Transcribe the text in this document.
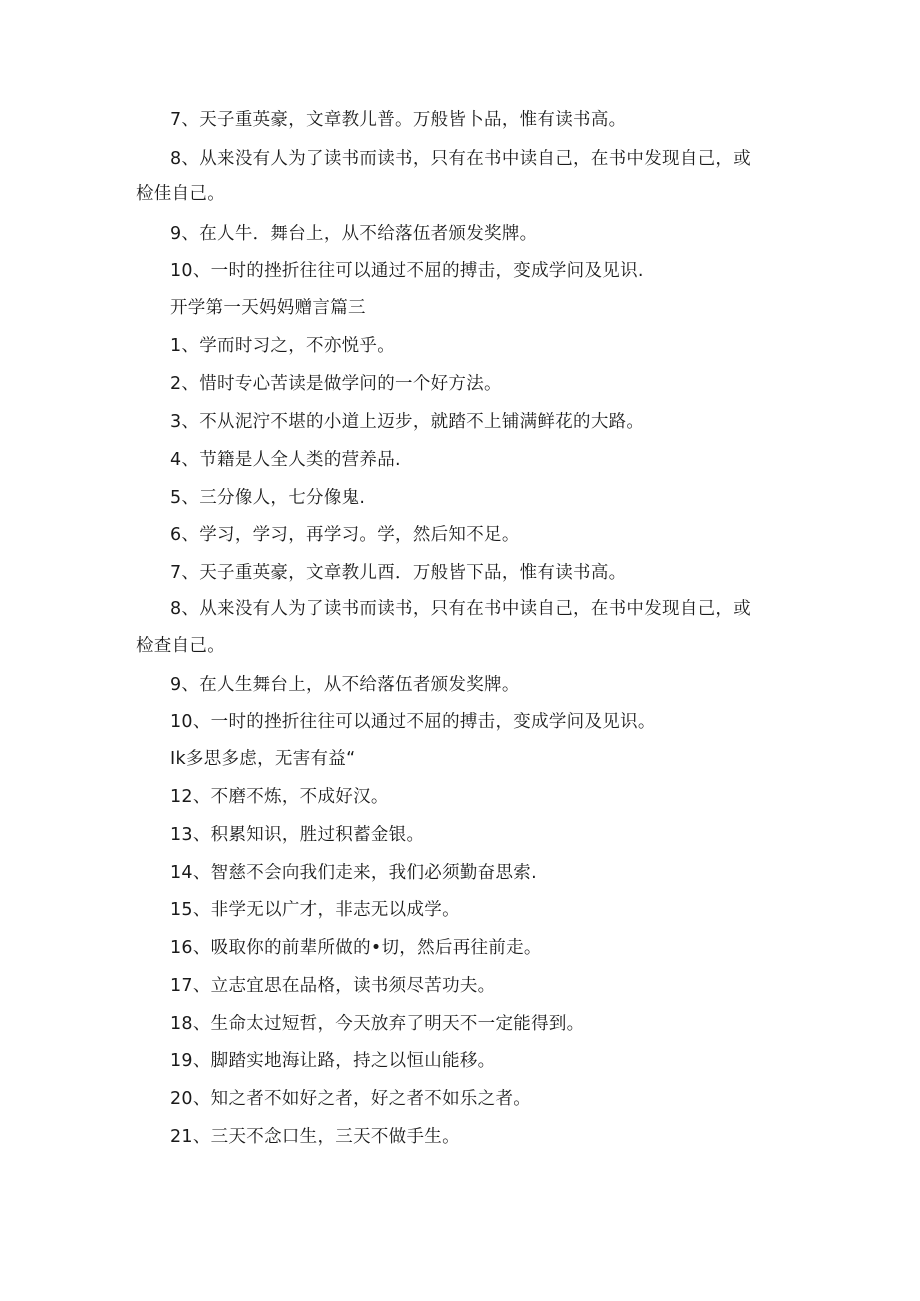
7、天子重英豪，文章教儿普。万般皆卜品，惟有读书高。
8、从来没有人为了读书而读书，只有在书中读自己，在书中发现自己，或
检佳自己。
9、在人牛．舞台上，从不给落伍者颁发奖牌。
10、一时的挫折往往可以通过不屈的搏击，变成学问及见识.
开学第一天妈妈赠言篇三
1、学而时习之，不亦悦乎。
2、惜时专心苦读是做学问的一个好方法。
3、不从泥泞不堪的小道上迈步，就踏不上铺满鲜花的大路。
4、节籍是人全人类的营养品.
5、三分像人，七分像鬼.
6、学习，学习，再学习。学，然后知不足。
7、天子重英豪，文章教儿酉．万般皆下品，惟有读书高。
8、从来没有人为了读书而读书，只有在书中读自己，在书中发现自己，或
检查自己。
9、在人生舞台上，从不给落伍者颁发奖牌。
10、一时的挫折往往可以通过不屈的搏击，变成学问及见识。
Ik多思多虑，无害有益“
12、不磨不炼，不成好汉。
13、积累知识，胜过积蓄金银。
14、智慈不会向我们走来，我们必须勤奋思索.
15、非学无以广才，非志无以成学。
16、吸取你的前辈所做的•切，然后再往前走。
17、立志宜思在品格，读书须尽苦功夫。
18、生命太过短哲，今天放弃了明天不一定能得到。
19、脚踏实地海让路，持之以恒山能移。
20、知之者不如好之者，好之者不如乐之者。
21、三天不念口生，三天不做手生。
